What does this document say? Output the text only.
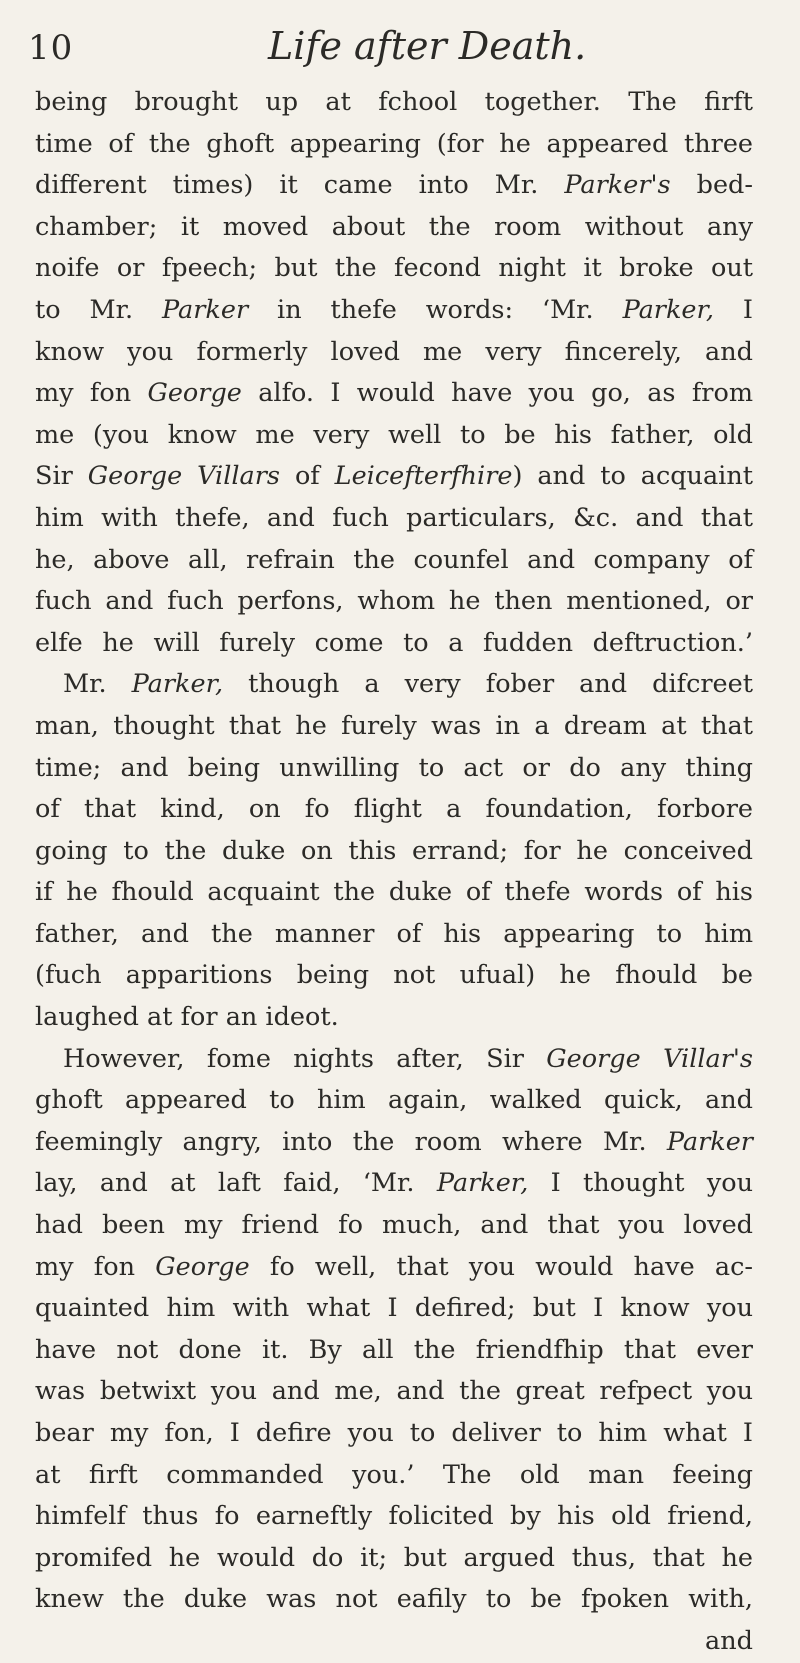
10	Life after Death.
being brought up at fchool together. The firft
time of the ghoft appearing (for he appeared three
different times) it came into Mr. Parker's bed-
chamber; it moved about the room without any
noife or fpeech; but the fecond night it broke out
to Mr. Parker in thefe words: ‘Mr. Parker, I
know you formerly loved me very fincerely, and
my fon George alfo. I would have you go, as from
me (you know me very well to be his father, old
Sir George Villars of Leicefterfhire) and to acquaint
him with thefe, and fuch particulars, &c. and that
he, above all, refrain the counfel and company of
fuch and fuch perfons, whom he then mentioned, or
elfe he will furely come to a fudden deftruction.’
Mr. Parker, though a very fober and difcreet
man, thought that he furely was in a dream at that
time; and being unwilling to act or do any thing
of that kind, on fo flight a foundation, forbore
going to the duke on this errand; for he conceived
if he fhould acquaint the duke of thefe words of his
father, and the manner of his appearing to him
(fuch apparitions being not ufual) he fhould be
laughed at for an ideot.
However, fome nights after, Sir George Villar's
ghoft appeared to him again, walked quick, and
feemingly angry, into the room where Mr. Parker
lay, and at laft faid, ‘Mr. Parker, I thought you
had been my friend fo much, and that you loved
my fon George fo well, that you would have ac-
quainted him with what I defired; but I know you
have not done it. By all the friendfhip that ever
was betwixt you and me, and the great refpect you
bear my fon, I defire you to deliver to him what I
at firft commanded you.’ The old man feeing
himfelf thus fo earneftly folicited by his old friend,
promifed he would do it; but argued thus, that he
knew the duke was not eafily to be fpoken with,
and
